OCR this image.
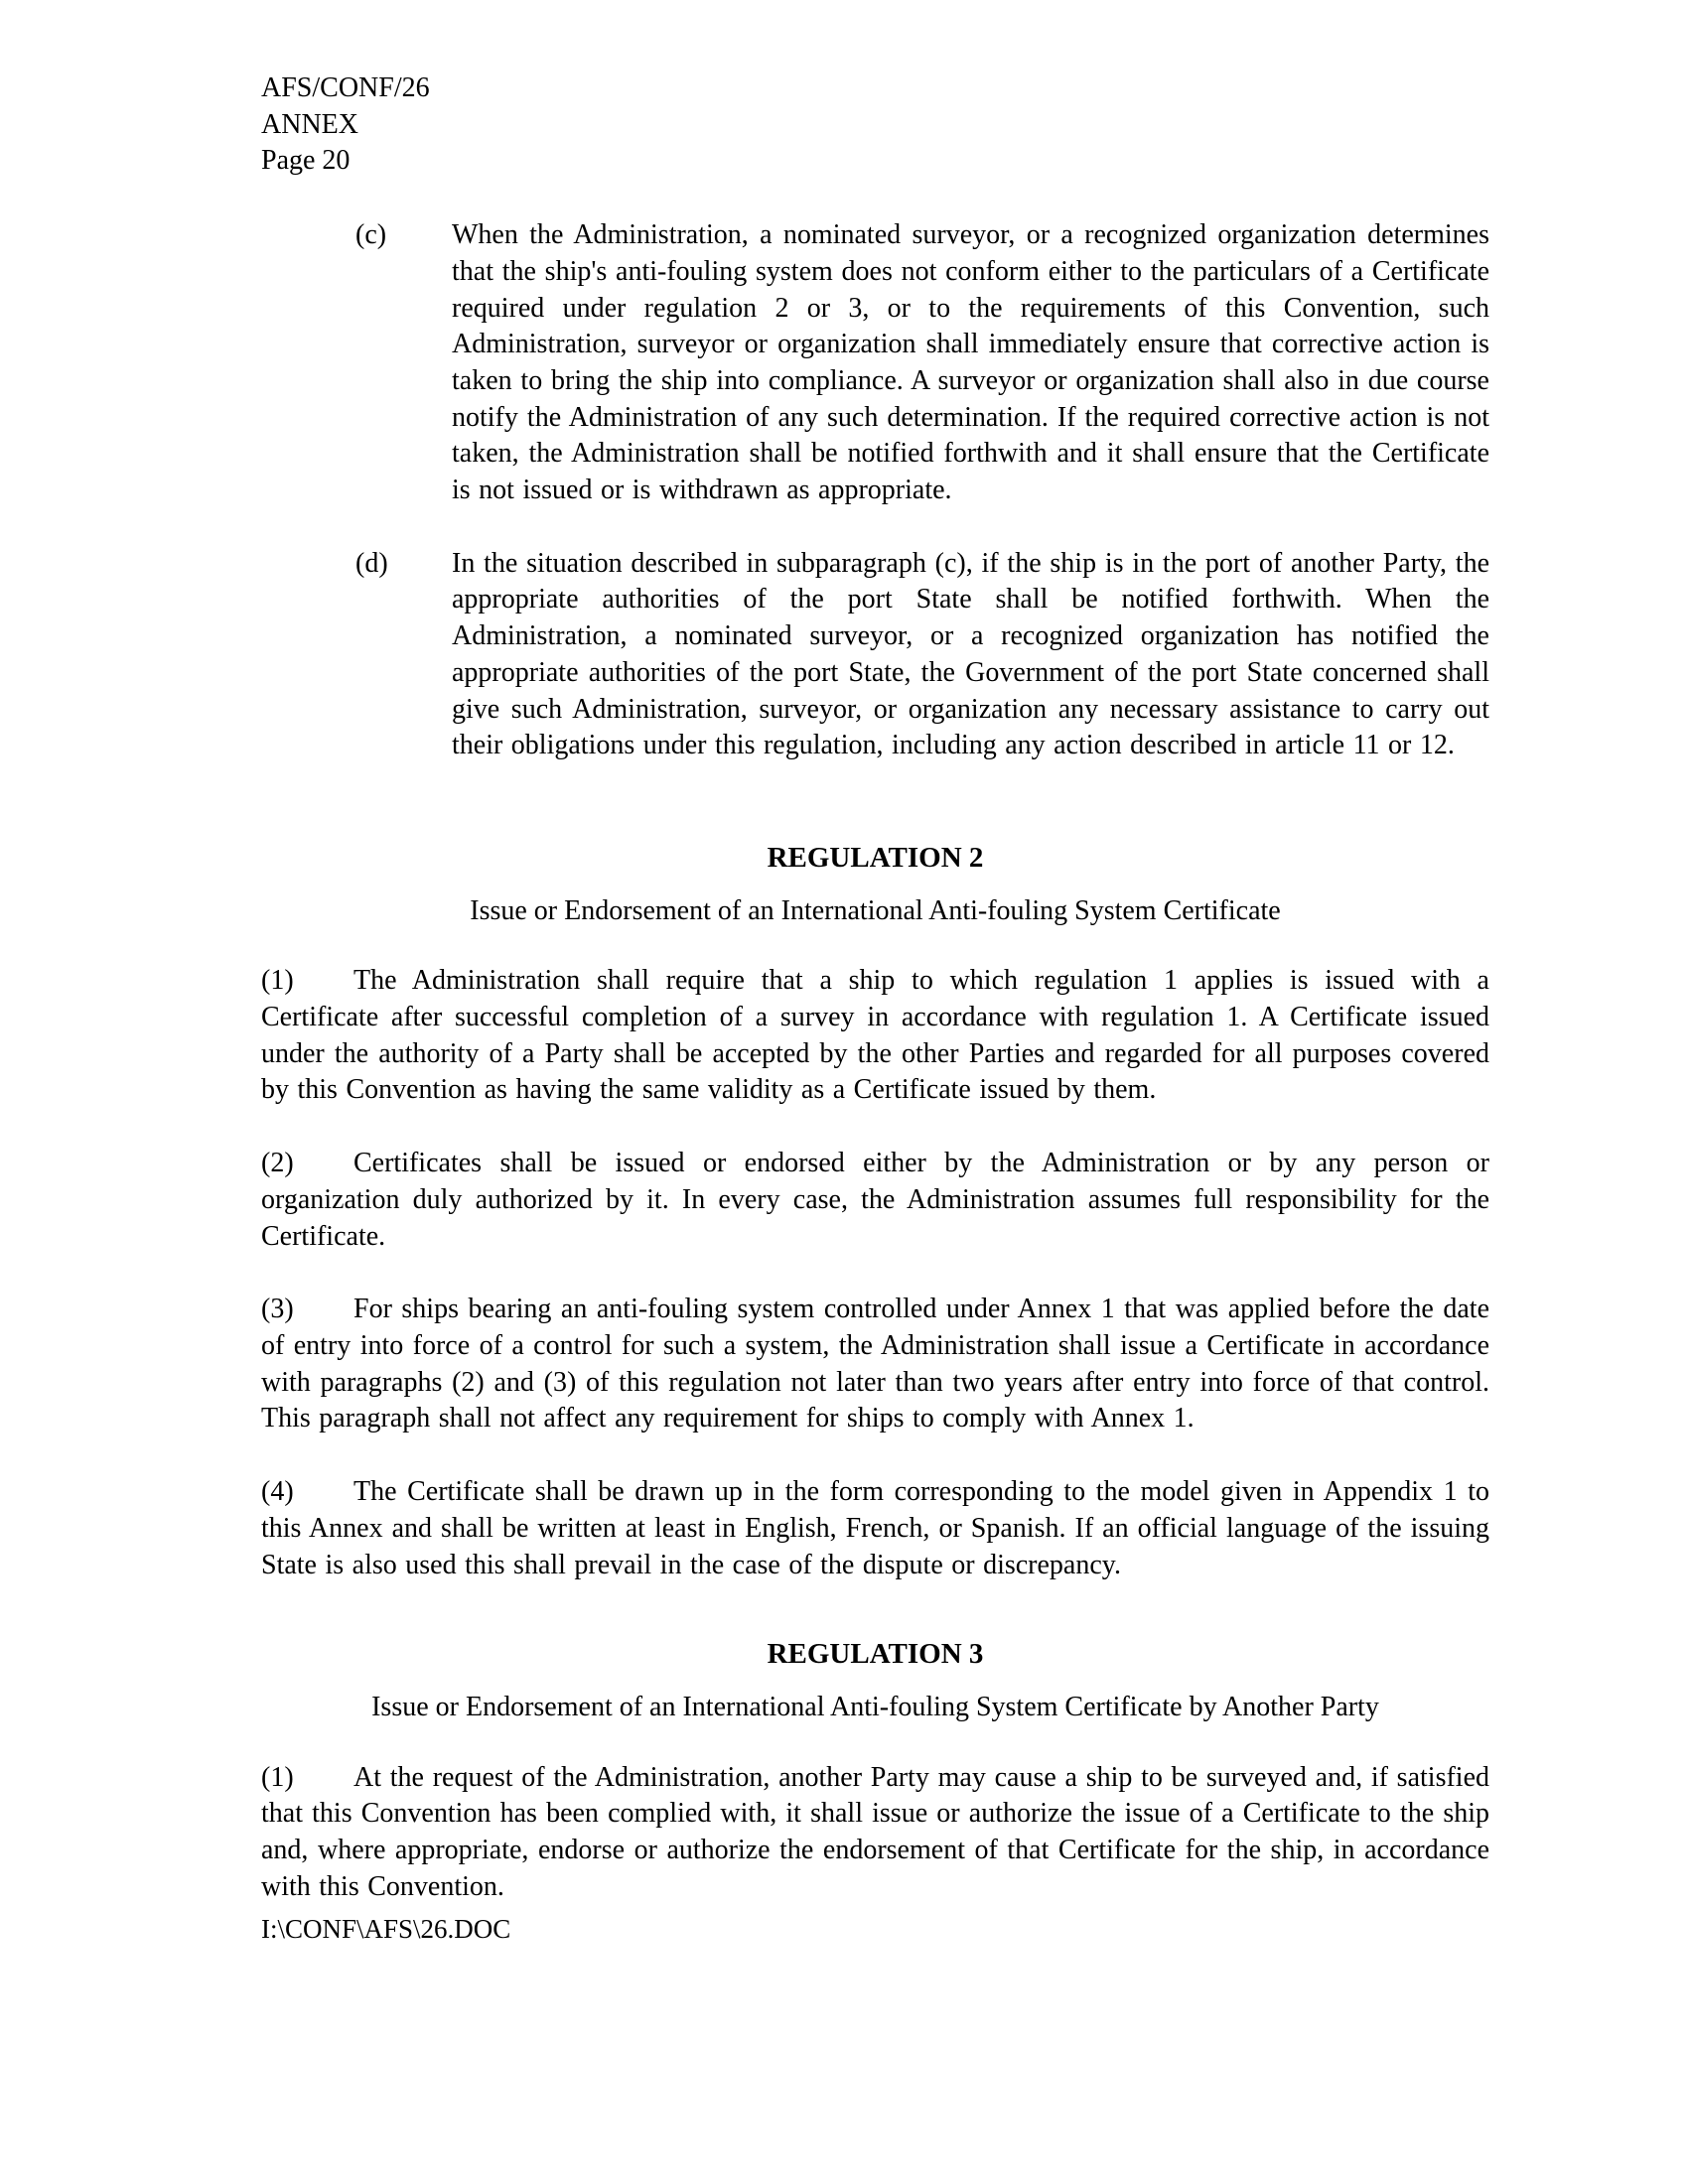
AFS/CONF/26
ANNEX
Page 20

(c) When the Administration, a nominated surveyor, or a recognized organization determines that the ship's anti-fouling system does not conform either to the particulars of a Certificate required under regulation 2 or 3, or to the requirements of this Convention, such Administration, surveyor or organization shall immediately ensure that corrective action is taken to bring the ship into compliance. A surveyor or organization shall also in due course notify the Administration of any such determination. If the required corrective action is not taken, the Administration shall be notified forthwith and it shall ensure that the Certificate is not issued or is withdrawn as appropriate.

(d) In the situation described in subparagraph (c), if the ship is in the port of another Party, the appropriate authorities of the port State shall be notified forthwith. When the Administration, a nominated surveyor, or a recognized organization has notified the appropriate authorities of the port State, the Government of the port State concerned shall give such Administration, surveyor, or organization any necessary assistance to carry out their obligations under this regulation, including any action described in article 11 or 12.

REGULATION 2
Issue or Endorsement of an International Anti-fouling System Certificate

(1) The Administration shall require that a ship to which regulation 1 applies is issued with a Certificate after successful completion of a survey in accordance with regulation 1. A Certificate issued under the authority of a Party shall be accepted by the other Parties and regarded for all purposes covered by this Convention as having the same validity as a Certificate issued by them.

(2) Certificates shall be issued or endorsed either by the Administration or by any person or organization duly authorized by it. In every case, the Administration assumes full responsibility for the Certificate.

(3) For ships bearing an anti-fouling system controlled under Annex 1 that was applied before the date of entry into force of a control for such a system, the Administration shall issue a Certificate in accordance with paragraphs (2) and (3) of this regulation not later than two years after entry into force of that control. This paragraph shall not affect any requirement for ships to comply with Annex 1.

(4) The Certificate shall be drawn up in the form corresponding to the model given in Appendix 1 to this Annex and shall be written at least in English, French, or Spanish. If an official language of the issuing State is also used this shall prevail in the case of the dispute or discrepancy.

REGULATION 3
Issue or Endorsement of an International Anti-fouling System Certificate by Another Party

(1) At the request of the Administration, another Party may cause a ship to be surveyed and, if satisfied that this Convention has been complied with, it shall issue or authorize the issue of a Certificate to the ship and, where appropriate, endorse or authorize the endorsement of that Certificate for the ship, in accordance with this Convention.

I:\CONF\AFS\26.DOC
